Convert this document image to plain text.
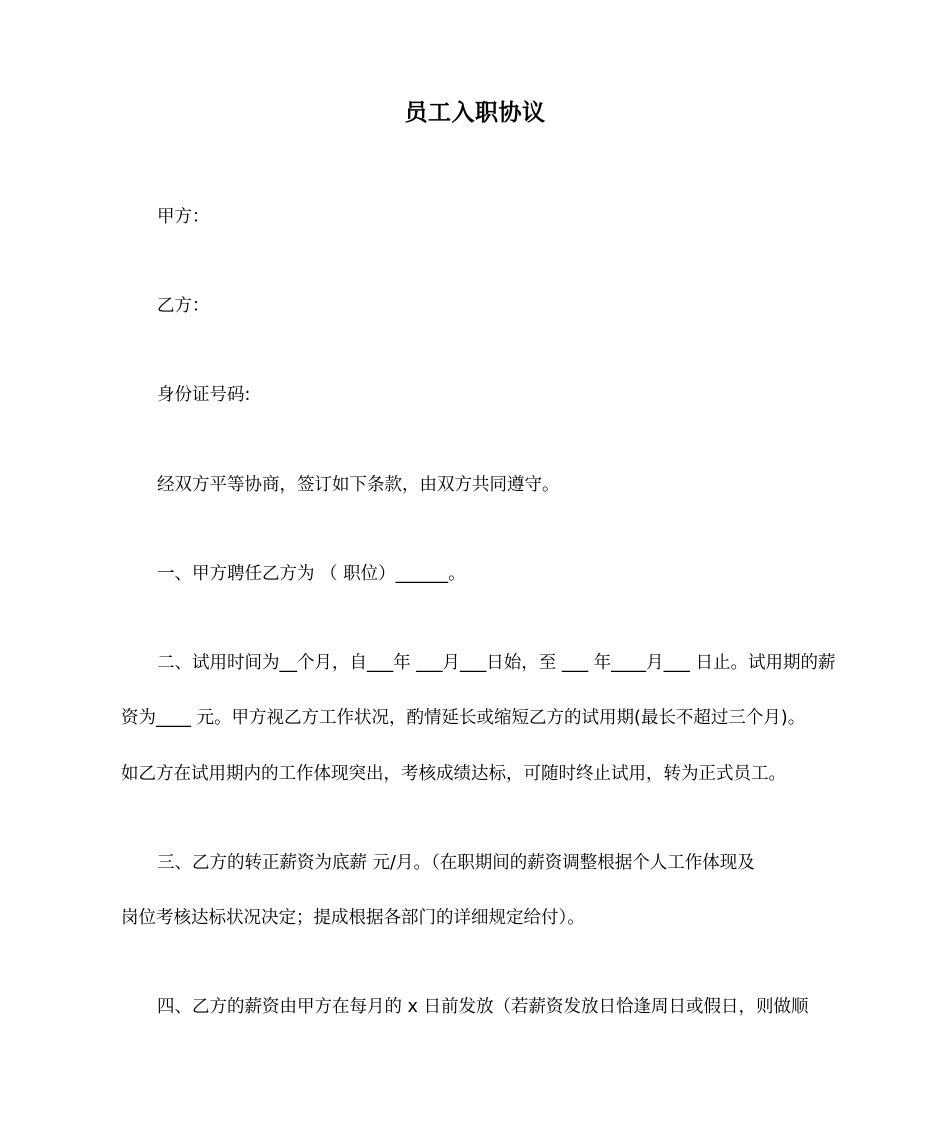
员工入职协议

甲方：

乙方：

身份证号码:

经双方平等协商，签订如下条款，由双方共同遵守。

一、甲方聘任乙方为 （ 职位）______。

二、试用时间为__个月，自___年 ___月___日始，至 ___ 年____月___ 日止。试用期的薪

资为____ 元。甲方视乙方工作状况，酌情延长或缩短乙方的试用期(最长不超过三个月)。

如乙方在试用期内的工作体现突出，考核成绩达标，可随时终止试用，转为正式员工。

三、乙方的转正薪资为底薪 元/月。（在职期间的薪资调整根据个人工作体现及

岗位考核达标状况决定；提成根据各部门的详细规定给付）。

四、乙方的薪资由甲方在每月的 x 日前发放（若薪资发放日恰逢周日或假日，则做顺
